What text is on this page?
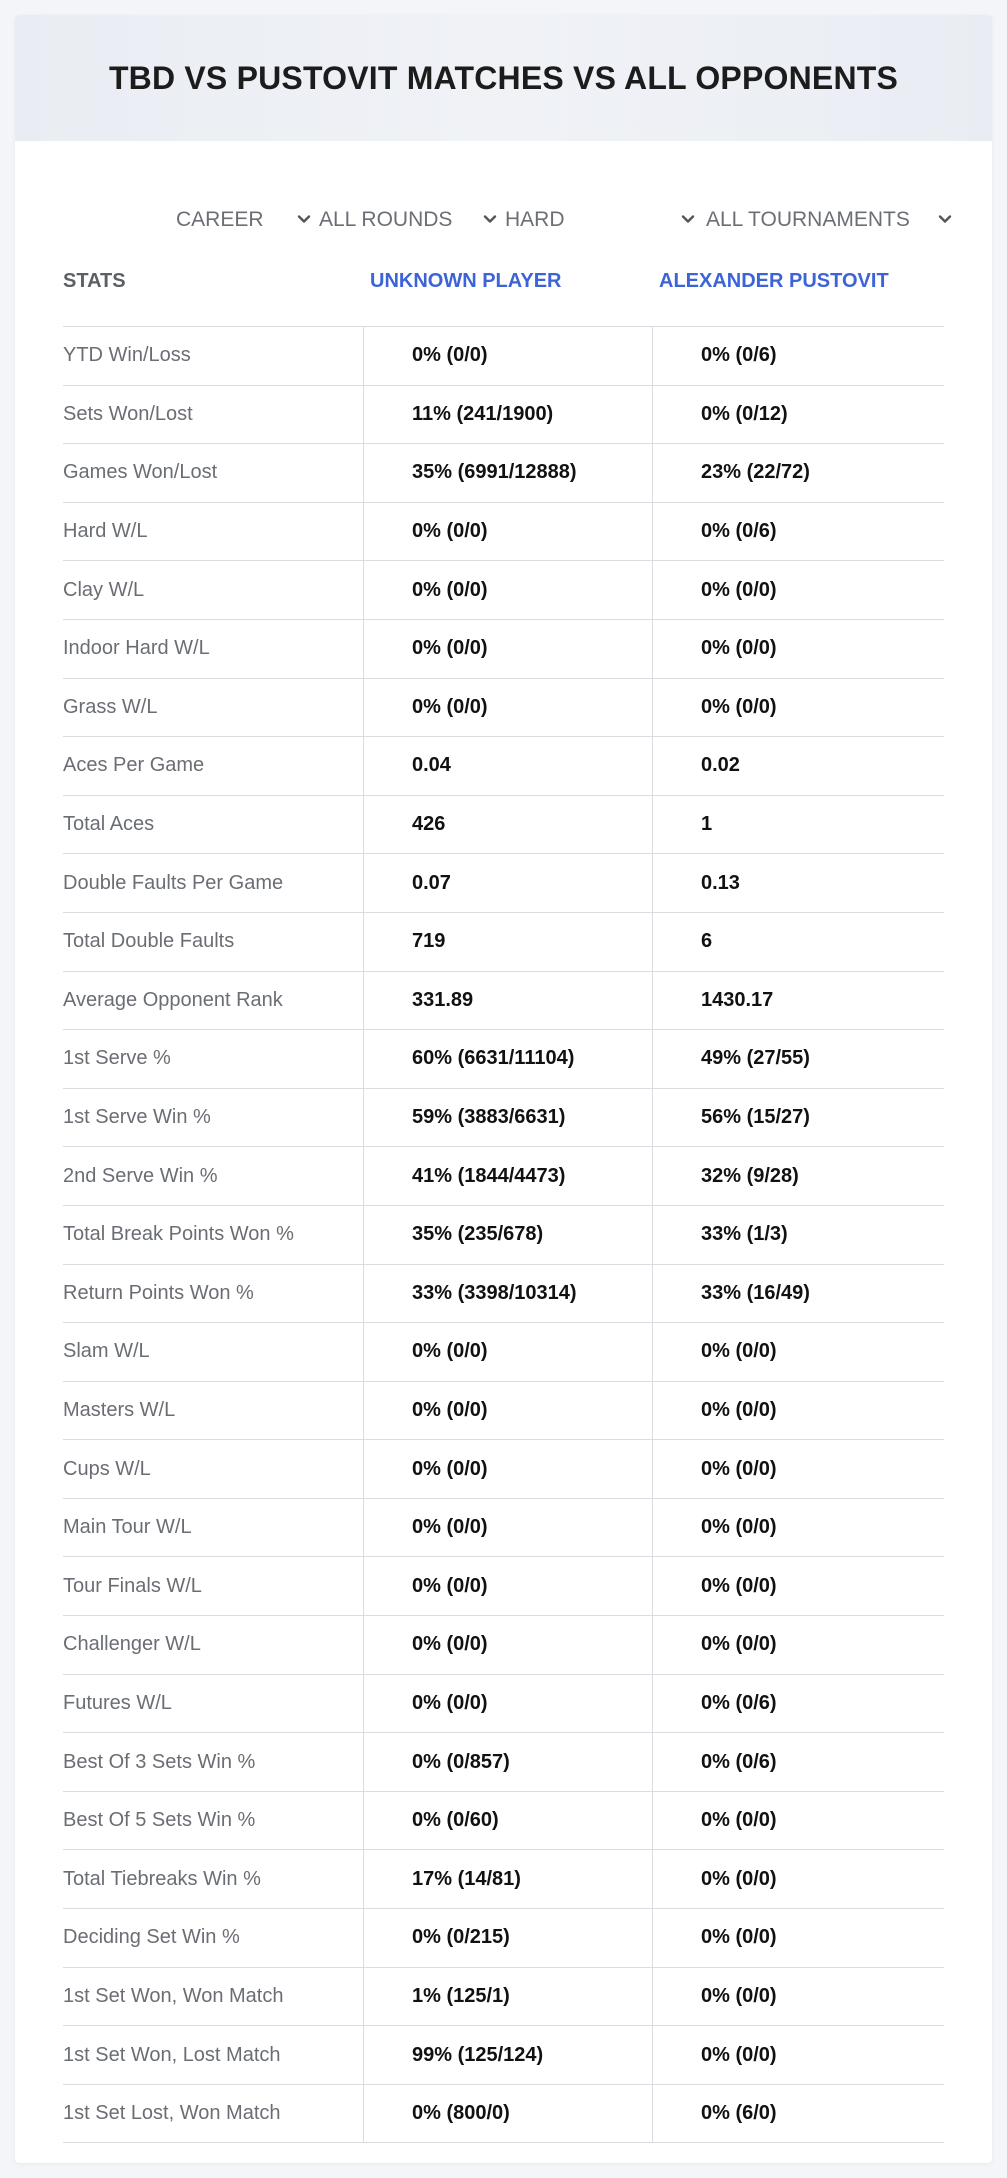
TBD VS PUSTOVIT MATCHES VS ALL OPPONENTS
CAREER	ALL ROUNDS	HARD	ALL TOURNAMENTS
STATS	UNKNOWN PLAYER	ALEXANDER PUSTOVIT
YTD Win/Loss	0% (0/0)	0% (0/6)
Sets Won/Lost	11% (241/1900)	0% (0/12)
Games Won/Lost	35% (6991/12888)	23% (22/72)
Hard W/L	0% (0/0)	0% (0/6)
Clay W/L	0% (0/0)	0% (0/0)
Indoor Hard W/L	0% (0/0)	0% (0/0)
Grass W/L	0% (0/0)	0% (0/0)
Aces Per Game	0.04	0.02
Total Aces	426	1
Double Faults Per Game	0.07	0.13
Total Double Faults	719	6
Average Opponent Rank	331.89	1430.17
1st Serve %	60% (6631/11104)	49% (27/55)
1st Serve Win %	59% (3883/6631)	56% (15/27)
2nd Serve Win %	41% (1844/4473)	32% (9/28)
Total Break Points Won %	35% (235/678)	33% (1/3)
Return Points Won %	33% (3398/10314)	33% (16/49)
Slam W/L	0% (0/0)	0% (0/0)
Masters W/L	0% (0/0)	0% (0/0)
Cups W/L	0% (0/0)	0% (0/0)
Main Tour W/L	0% (0/0)	0% (0/0)
Tour Finals W/L	0% (0/0)	0% (0/0)
Challenger W/L	0% (0/0)	0% (0/0)
Futures W/L	0% (0/0)	0% (0/6)
Best Of 3 Sets Win %	0% (0/857)	0% (0/6)
Best Of 5 Sets Win %	0% (0/60)	0% (0/0)
Total Tiebreaks Win %	17% (14/81)	0% (0/0)
Deciding Set Win %	0% (0/215)	0% (0/0)
1st Set Won, Won Match	1% (125/1)	0% (0/0)
1st Set Won, Lost Match	99% (125/124)	0% (0/0)
1st Set Lost, Won Match	0% (800/0)	0% (6/0)
